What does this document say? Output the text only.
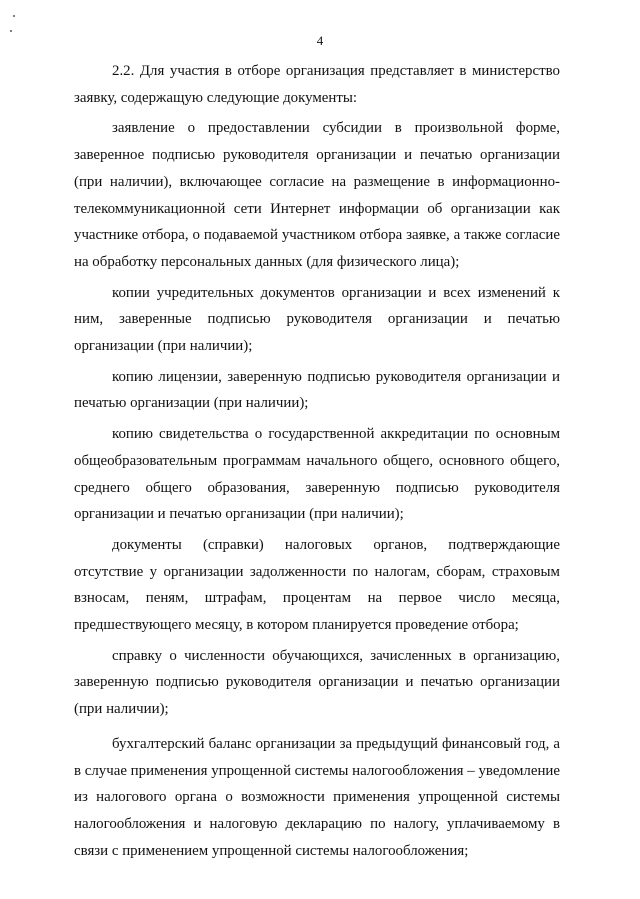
4

2.2. Для участия в отборе организация представляет в министерство заявку, содержащую следующие документы:

заявление о предоставлении субсидии в произвольной форме, заверенное подписью руководителя организации и печатью организации (при наличии), включающее согласие на размещение в информационно-телекоммуникационной сети Интернет информации об организации как участнике отбора, о подаваемой участником отбора заявке, а также согласие на обработку персональных данных (для физического лица);

копии учредительных документов организации и всех изменений к ним, заверенные подписью руководителя организации и печатью организации (при наличии);

копию лицензии, заверенную подписью руководителя организации и печатью организации (при наличии);

копию свидетельства о государственной аккредитации по основным общеобразовательным программам начального общего, основного общего, среднего общего образования, заверенную подписью руководителя организации и печатью организации (при наличии);

документы (справки) налоговых органов, подтверждающие отсутствие у организации задолженности по налогам, сборам, страховым взносам, пеням, штрафам, процентам на первое число месяца, предшествующего месяцу, в котором планируется проведение отбора;

справку о численности обучающихся, зачисленных в организацию, заверенную подписью руководителя организации и печатью организации (при наличии);

бухгалтерский баланс организации за предыдущий финансовый год, а в случае применения упрощенной системы налогообложения – уведомление из налогового органа о возможности применения упрощенной системы налогообложения и налоговую декларацию по налогу, уплачиваемому в связи с применением упрощенной системы налогообложения;
